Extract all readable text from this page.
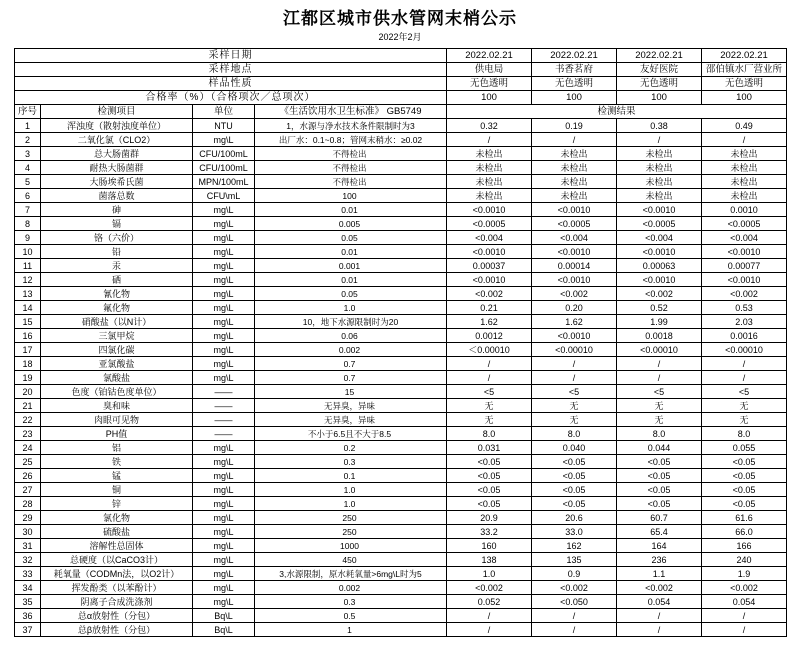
江都区城市供水管网末梢公示
2022年2月
采样日期				2022.02.21	2022.02.21	2022.02.21	2022.02.21
采样地点				供电局	书香茗府	友好医院	邵伯镇水厂营业所
样品性质				无色透明	无色透明	无色透明	无色透明
合格率（%）（合格项次／总项次）				100	100	100	100
序号	检测项目	单位	《生活饮用水卫生标准》 GB5749	检测结果			
1	浑浊度（散射浊度单位）	NTU	1，水源与净水技术条件限制时为3	0.32	0.19	0.38	0.49
2	二氧化氯（CLO2）	mg\L	出厂水：0.1~0.8；管网末稍水：≥0.02	/	/	/	/
3	总大肠菌群	CFU/100mL	不得检出	未检出	未检出	未检出	未检出
4	耐热大肠菌群	CFU/100mL	不得检出	未检出	未检出	未检出	未检出
5	大肠埃希氏菌	MPN/100mL	不得检出	未检出	未检出	未检出	未检出
6	菌落总数	CFU\mL	100	未检出	未检出	未检出	未检出
7	砷	mg\L	0.01	<0.0010	<0.0010	<0.0010	0.0010
8	镉	mg\L	0.005	<0.0005	<0.0005	<0.0005	<0.0005
9	铬（六价）	mg\L	0.05	<0.004	<0.004	<0.004	<0.004
10	铅	mg\L	0.01	<0.0010	<0.0010	<0.0010	<0.0010
11	汞	mg\L	0.001	0.00037	0.00014	0.00063	0.00077
12	硒	mg\L	0.01	<0.0010	<0.0010	<0.0010	<0.0010
13	氰化物	mg\L	0.05	<0.002	<0.002	<0.002	<0.002
14	氟化物	mg\L	1.0	0.21	0.20	0.52	0.53
15	硝酸盐（以N计）	mg\L	10，地下水源限制时为20	1.62	1.62	1.99	2.03
16	三氯甲烷	mg\L	0.06	0.0012	<0.0010	0.0018	0.0016
17	四氯化碳	mg\L	0.002	＜0.00010	<0.00010	<0.00010	<0.00010
18	亚氯酸盐	mg\L	0.7	/	/	/	/
19	氯酸盐	mg\L	0.7	/	/	/	/
20	色度（铂钴色度单位）	——	15	<5	<5	<5	<5
21	臭和味	——	无异臭，异味	无	无	无	无
22	肉眼可见物	——	无异臭，异味	无	无	无	无
23	PH值	——	不小于6.5且不大于8.5	8.0	8.0	8.0	8.0
24	铝	mg\L	0.2	0.031	0.040	0.044	0.055
25	铁	mg\L	0.3	<0.05	<0.05	<0.05	<0.05
26	锰	mg\L	0.1	<0.05	<0.05	<0.05	<0.05
27	铜	mg\L	1.0	<0.05	<0.05	<0.05	<0.05
28	锌	mg\L	1.0	<0.05	<0.05	<0.05	<0.05
29	氯化物	mg\L	250	20.9	20.6	60.7	61.6
30	硫酸盐	mg\L	250	33.2	33.0	65.4	66.0
31	溶解性总固体	mg\L	1000	160	162	164	166
32	总硬度（以CaCO3计）	mg\L	450	138	135	236	240
33	耗氧量（CODMn法，以O2计）	mg\L	3,水源限制，原水耗氧量>6mg\L时为5	1.0	0.9	1.1	1.9
34	挥发酚类（以苯酚计）	mg\L	0.002	<0.002	<0.002	<0.002	<0.002
35	阴离子合成洗涤剂	mg\L	0.3	0.052	<0.050	0.054	0.054
36	总α放射性（分包）	Bq\L	0.5	/	/	/	/
37	总β放射性（分包）	Bq\L	1	/	/	/	/
